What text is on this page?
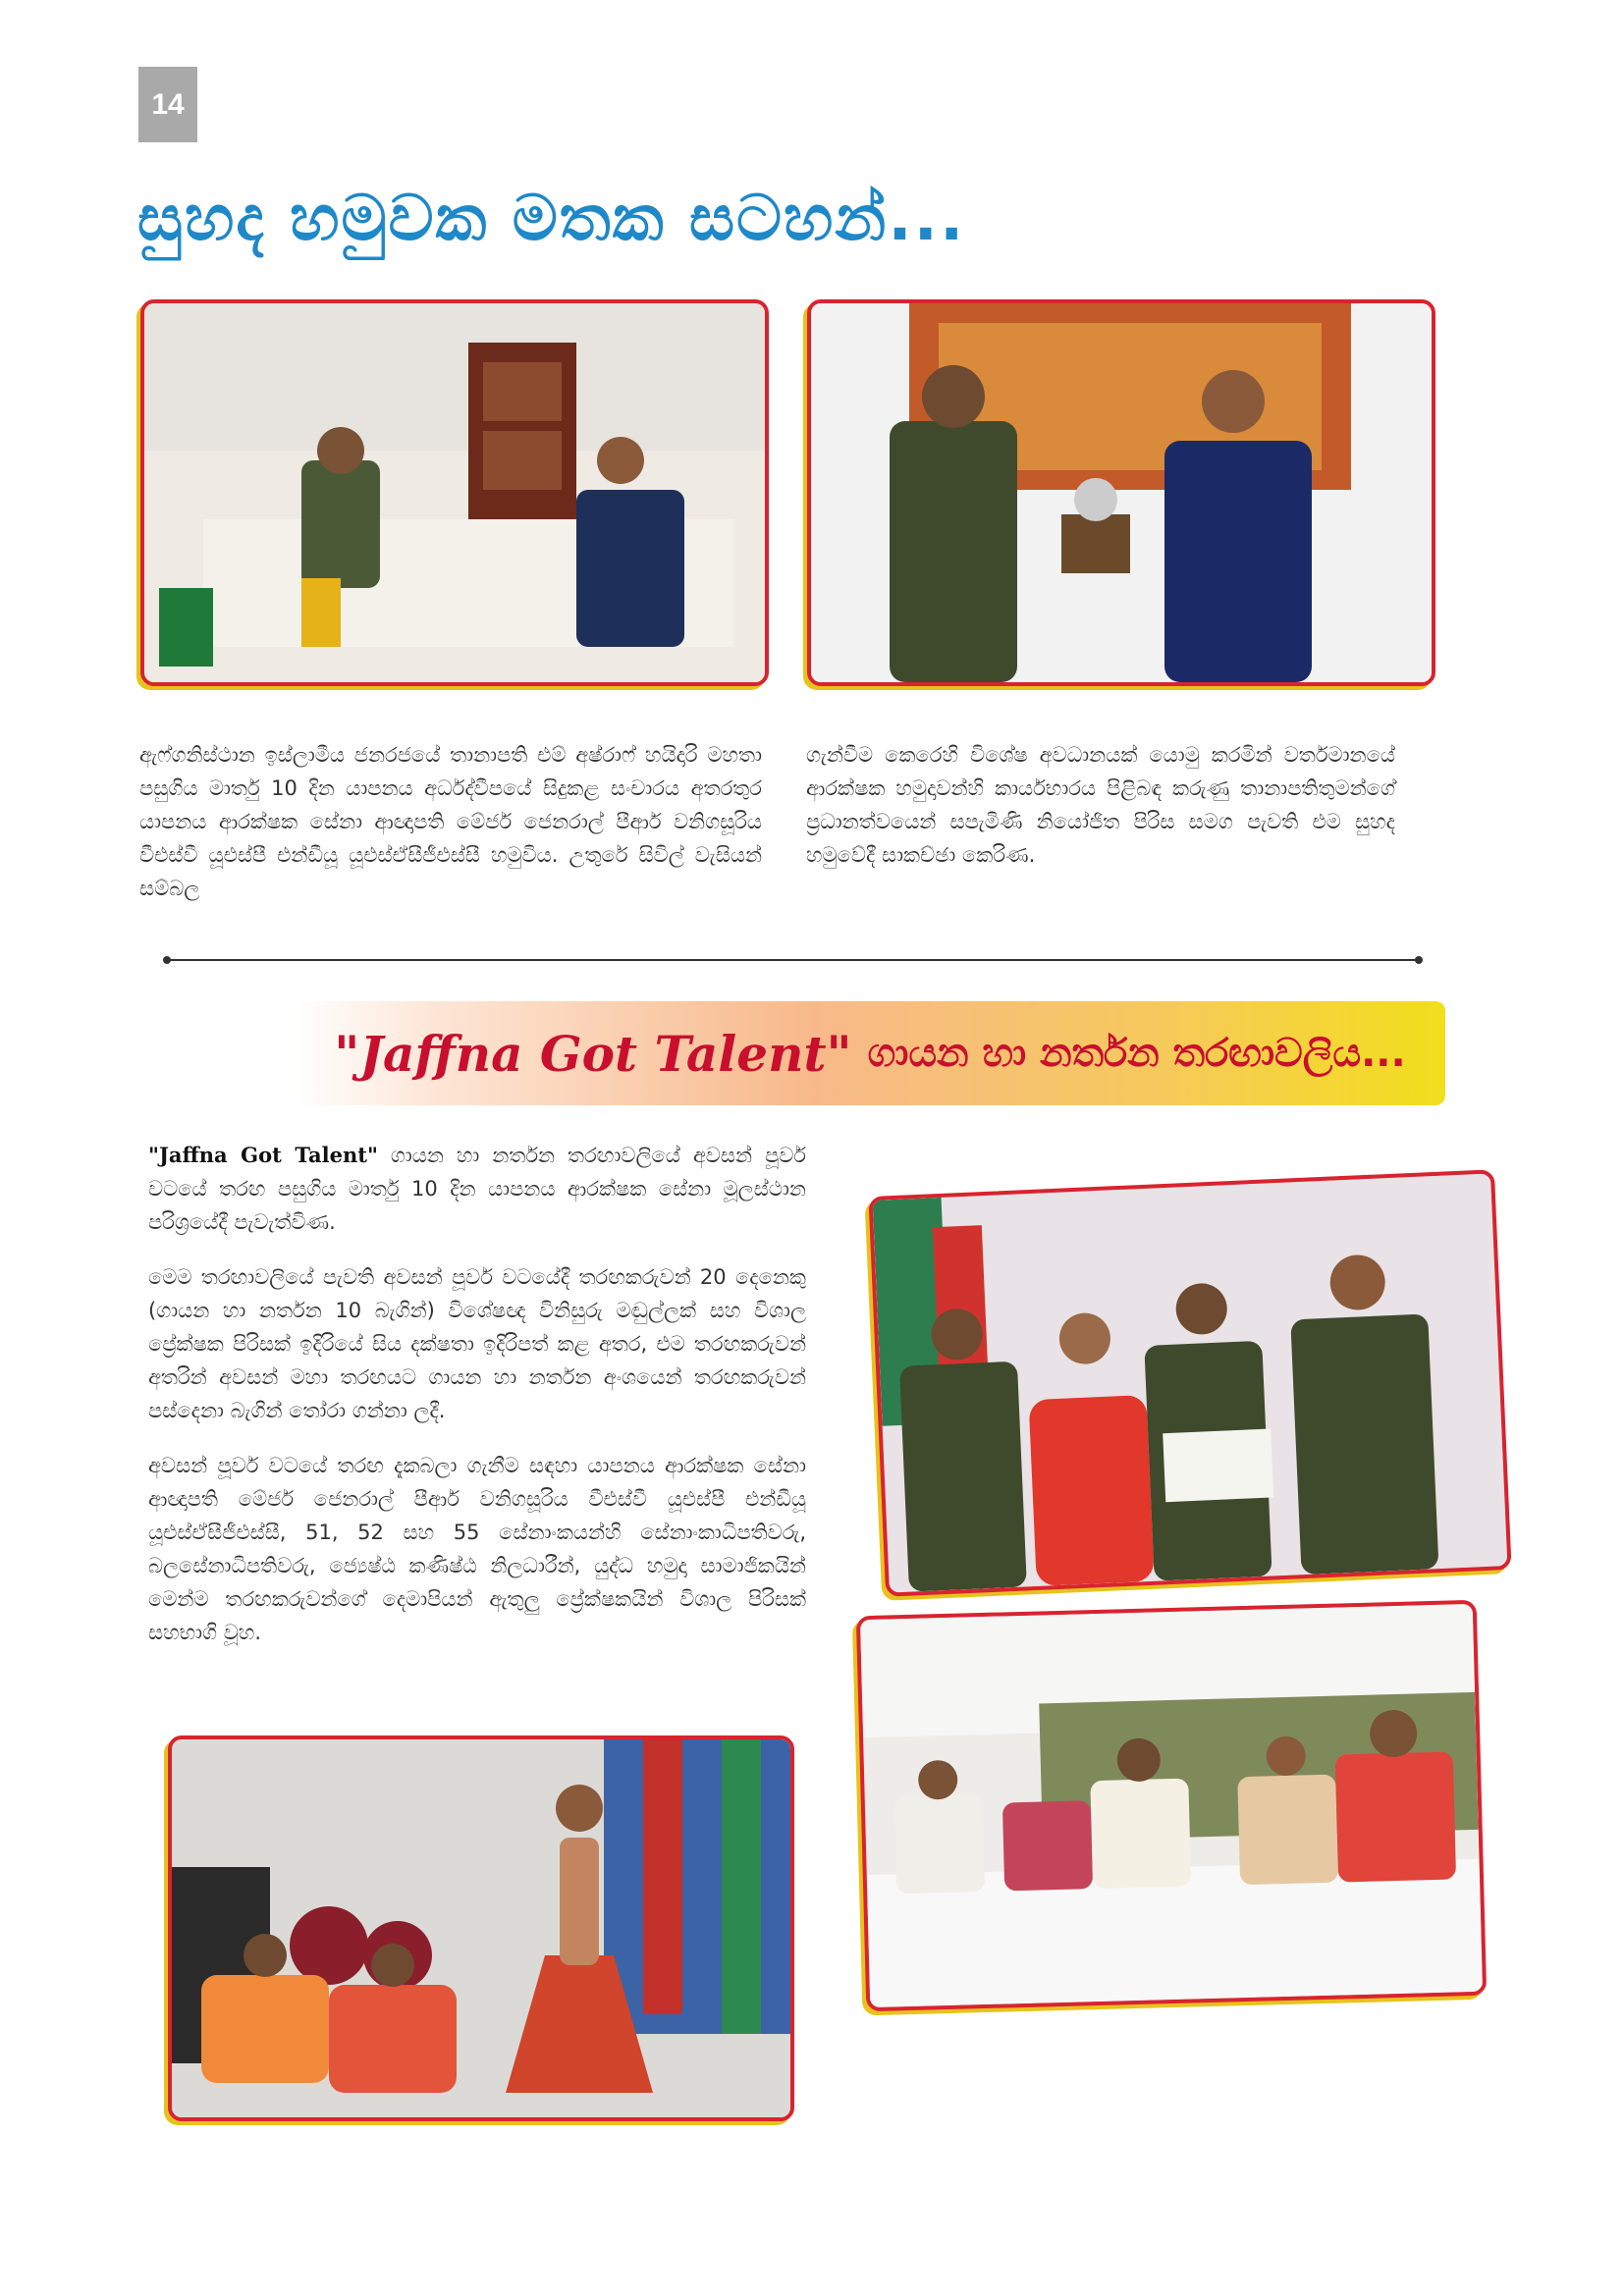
14
සුහද හමුවක මතක සටහන්...
ඇෆ්ගනිස්ථාන ඉස්ලාමීය ජනරජයේ තානාපති එම් අෂ්රාෆ් හයිදාරි මහතා පසුගිය මාර්තු 10 දින යාපනය අර්ධද්වීපයේ සිදුකළ සංචාරය අතරතුර යාපනය ආරක්ෂක සේනා ආඥාපති මේජර් ජෙනරාල් පීආර් වනිගසූරිය වීඑස්වී යූඑස්පී එන්ඩීයූ යූඑස්ඒසීජීඑස්සී හමුවිය. උතුරේ සිවිල් වැසියන් සම්බල
ගැන්වීම කෙරෙහි විශේෂ අවධානයක් යොමු කරමින් වර්තමානයේ ආරක්ෂක හමුදාවන්හි කාර්යභාරය පිළිබඳ කරුණු තානාපතිතුමන්ගේ ප්‍රධානත්වයෙන් සපැමිණි නියෝජිත පිරිස සමග පැවති එම සුහද හමුවේදී සාකච්ඡා කෙරිණ.
"Jaffna Got Talent" ගායන හා නර්තන තරඟාවලිය...

"Jaffna Got Talent" ගායන හා නර්තන තරඟාවලියේ අවසන් පූර්ව වටයේ තරඟ පසුගිය මාර්තු 10 දින යාපනය ආරක්ෂක සේනා මූලස්ථාන පරිශ්‍රයේදී පැවැත්විණ.

මෙම තරඟාවලියේ පැවති අවසන් පූර්ව වටයේදී තරඟකරුවන් 20 දෙනෙකු (ගායන හා නර්තන 10 බැගින්) විශේෂඥ විනිසුරු මඬුල්ලක් සහ විශාල ප්‍රේක්ෂක පිරිසක් ඉදිරියේ සිය දක්ෂතා ඉදිරිපත් කළ අතර, එම තරඟකරුවන් අතරින් අවසන් මහා තරඟයට ගායන හා නර්තන අංශයෙන් තරඟකරුවන් පස්දෙනා බැගින් තෝරා ගන්නා ලදී.

අවසන් පූර්ව වටයේ තරඟ දැකබලා ගැනීම සඳහා යාපනය ආරක්ෂක සේනා ආඥාපති මේජර් ජෙනරාල් පීආර් වනිගසූරිය වීඑස්වී යූඑස්පී එන්ඩීයූ යූඑස්ඒසීජීඑස්සී, 51, 52 සහ 55 සේනාංකයන්හි සේනාංකාධිපතිවරු, බලසේනාධිපතිවරු, ජ්‍යෙෂ්ඨ කණිෂ්ඨ නිලධාරීන්, යුද්ධ හමුදා සාමාජිකයින් මෙන්ම තරඟකරුවන්ගේ දෙමාපියන් ඇතුලු ප්‍රේක්ෂකයින් විශාල පිරිසක් සහභාගි වූහ.
